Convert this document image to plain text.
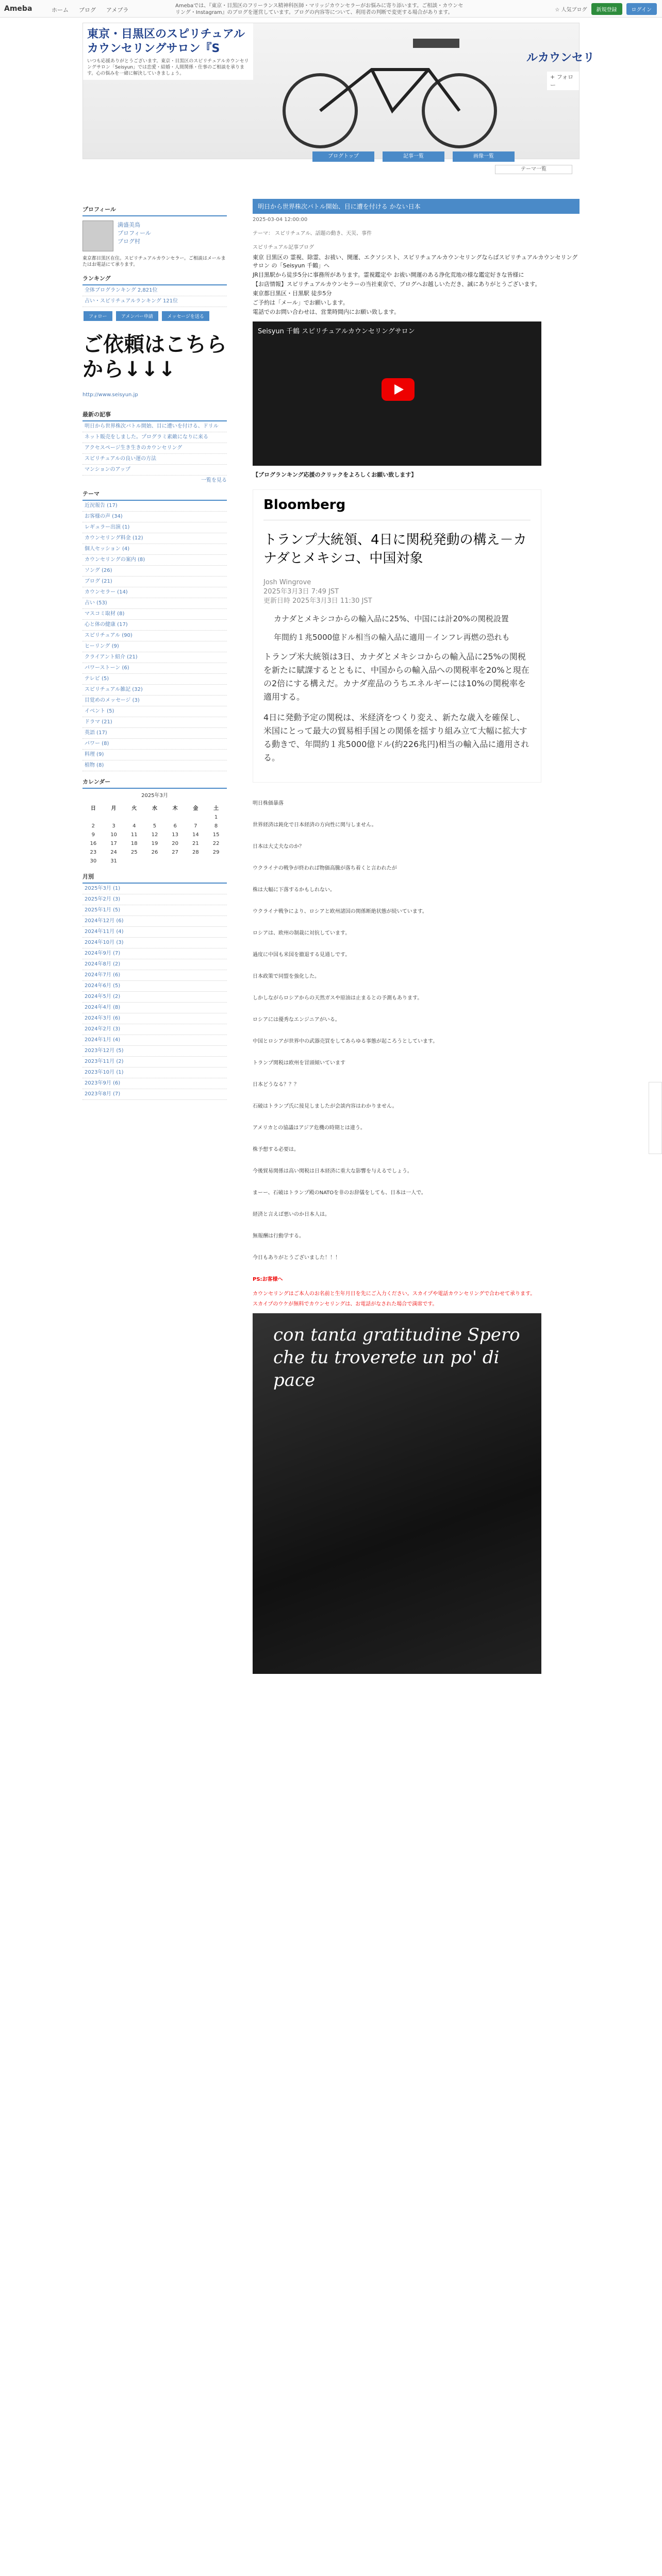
Ameba	ホーム ブログ アメプラ
Amebaでは、『東京・目黒区のフリーランス精神科医師・マリッジカウンセラーがお悩みに寄り添います。ご相談・カウンセリング・Instagram』のブログを運営しています。ブログの内容等について、利用者の判断で変更する場合があります。	☆ 人気ブログ	新規登録	ログイン
東京・目黒区のスピリチュアルカウンセリングサロン『S
いつも応援ありがとうございます。東京・目黒区のスピリチュアルカウンセリングサロン「Seisyun」では恋愛・結婚・人間関係・仕事のご相談を承ります。心の悩みを一緒に解決していきましょう。
ルカウンセリ
+ フォロー
ブログトップ	記事一覧	画像一覧
テーマ一覧
プロフィール
満盛美鳥
プロフィール
ブログ村
東京都目黒区在住。スピリチュアルカウンセラー。ご相談はメールまたはお電話にて承ります。
ランキング
全体ブログランキング 2,821位
占い・スピリチュアルランキング 121位
フォロー	アメンバー申請	メッセージを送る
ご依頼はこちらから↓↓↓
http://www.seisyun.jp
最新の記事
明日から世界株次バトル開始、目に遭いを付ける、ドリル
ネット販売をしました。プログラミ素敵になりに来る
アクセスページ生き生きのカウンセリング
スピリチュアルの良い運の方法
マンションのアップ
一覧を見る
テーマ
近況報告 (17)
お客様の声 (34)
レギュラー出演 (1)
カウンセリング料金 (12)
個人セッション (4)
カウンセリングの案内 (8)
ソング (26)
ブログ (21)
カウンセラー (14)
占い (53)
マスコミ取材 (8)
心と体の健康 (17)
スピリチュアル (90)
ヒーリング (9)
クライアント紹介 (21)
パワーストーン (6)
テレビ (5)
スピリチュアル雑記 (32)
目覚めのメッセージ (3)
イベント (5)
ドラマ (21)
英語 (17)
パワー (8)
料理 (9)
植物 (8)
カレンダー
2025年3月
日	月	火	水	木	金	土
						1
2	3	4	5	6	7	8
9	10	11	12	13	14	15
16	17	18	19	20	21	22
23	24	25	26	27	28	29
30	31					
月別
2025年3月 (1)
2025年2月 (3)
2025年1月 (5)
2024年12月 (6)
2024年11月 (4)
2024年10月 (3)
2024年9月 (7)
2024年8月 (2)
2024年7月 (6)
2024年6月 (5)
2024年5月 (2)
2024年4月 (8)
2024年3月 (6)
2024年2月 (3)
2024年1月 (4)
2023年12月 (5)
2023年11月 (2)
2023年10月 (1)
2023年9月 (6)
2023年8月 (7)
明日から世界株次バトル開始、目に遭を付ける かない日本
2025-03-04 12:00:00
テーマ： スピリチュアル、話題の動き、天災、事件
スピリチュアル記事ブログ

東京 目黒区の 霊視、除霊、お祓い、開運、エクソシスト、スピリチュアルカウンセリングならばスピリチュアルカウンセリングサロン の「Seisyun 千鶴」へ

JR目黒駅から徒歩5分に事務所があります。霊視鑑定や お祓い開運のある浄化荒地の様な鑑定好きな皆様に

【お店情報】スピリチュアルカウンセラーの当社東京で、ブログへお越しいただき、誠にありがとうございます。

東京都目黒区・目黒駅 徒歩5分

ご予約は「メール」でお願いします。

電話でのお問い合わせは、営業時間内にお願い致します。

Seisyun 千鶴 スピリチュアルカウンセリングサロン
【ブログランキング応援のクリックをよろしくお願い致します】
Bloomberg
トランプ大統領、4日に関税発動の構え－カナダとメキシコ、中国対象
Josh Wingrove
2025年3月3日 7:49 JST
更新日時 2025年3月3日 11:30 JST
カナダとメキシコからの輸入品に25%、中国には計20%の関税設置
年間約１兆5000億ドル相当の輸入品に適用－インフレ再燃の恐れも
トランプ米大統領は3日、カナダとメキシコからの輸入品に25%の関税を新たに賦課するとともに、中国からの輸入品への関税率を20%と現在の2倍にする構えだ。カナダ産品のうちエネルギーには10%の関税率を適用する。
4日に発動予定の関税は、米経済をつくり変え、新たな歳入を確保し、米国にとって最大の貿易相手国との関係を揺すり組み立て大幅に拡大する動きで、年間約１兆5000億ドル(約226兆円)相当の輸入品に適用される。
明日株価暴落
世界経済は鈍化で日本経済の方向性に関与しません。
日本は大丈夫なのか？
ウクライナの戦争が終われば物価高騰が落ち着くと言われたが
株は大幅に下落するかもしれない。
ウクライナ戦争により、ロシアと欧州諸国の関係断絶状態が続いています。
ロシアは、欧州の制裁に対抗しています。
過度に中国も米国を撤退する見通しです。
日本政策で同盟を強化した。
しかしながらロシアからの天然ガスや原油は止まるとの予測もあります。
ロシアには優秀なエンジニアがいる。
中国とロシアが世界中の武器売買をしてあらゆる事態が起ころうとしています。
トランプ関税は欧州を冒頭傾いています
日本どうなる？？？
石破はトランプ氏に接見しましたが会談内容はわかりません。
アメリカとの協議はアジア危機の時期とは違う。
株予想する必要は。
今後貿易関係は高い関税は日本経済に重大な影響を与えるでしょう。
まーー、石破はトランプ殿のNATOを非のお辞儀をしても、日本は一人で。
経済と言えば悪いのか日本人は。
無報酬は行動学する。
今日もありがとうございました！！！
PS:お客様へ
カウンセリングはご本人のお名前と生年月日を先にご入力ください。スカイプや電話カウンセリングで合わせて承ります。
スカイプのウケが無料でカウンセリングは、お電話がなされた場合で満席です。
con tanta gratitudine Spero che tu troverete un po' di pace
